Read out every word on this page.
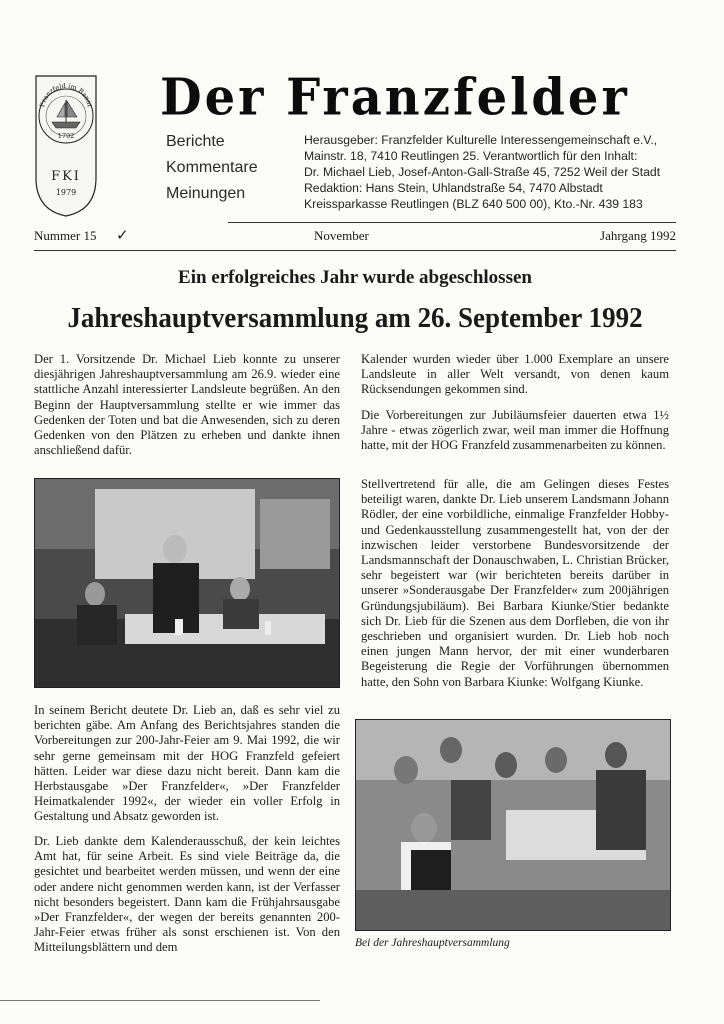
Franzfeld im Banat
1792
FKI
1979
Der Franzfelder
Berichte
Kommentare
Meinungen
Herausgeber: Franzfelder Kulturelle Interessengemeinschaft e.V.,
Mainstr. 18, 7410 Reutlingen 25. Verantwortlich für den Inhalt:
Dr. Michael Lieb, Josef-Anton-Gall-Straße 45, 7252 Weil der Stadt
Redaktion: Hans Stein, Uhlandstraße 54, 7470 Albstadt
Kreissparkasse Reutlingen (BLZ 640 500 00), Kto.-Nr. 439 183
Nummer 15 ✓	November	Jahrgang 1992
Ein erfolgreiches Jahr wurde abgeschlossen
Jahreshauptversammlung am 26. September 1992
Der 1. Vorsitzende Dr. Michael Lieb konnte zu unserer diesjährigen Jahreshauptversammlung am 26.9. wieder eine stattliche Anzahl interessierter Landsleute begrüßen. An den Beginn der Hauptversammlung stellte er wie immer das Gedenken der Toten und bat die Anwesenden, sich zu deren Gedenken von den Plätzen zu erheben und dankte ihnen anschließend dafür.
In seinem Bericht deutete Dr. Lieb an, daß es sehr viel zu berichten gäbe. Am Anfang des Berichtsjahres standen die Vorbereitungen zur 200-Jahr-Feier am 9. Mai 1992, die wir sehr gerne gemeinsam mit der HOG Franzfeld gefeiert hätten. Leider war diese dazu nicht bereit. Dann kam die Herbstausgabe »Der Franzfelder«, »Der Franzfelder Heimatkalender 1992«, der wieder ein voller Erfolg in Gestaltung und Absatz geworden ist.
Dr. Lieb dankte dem Kalenderausschuß, der kein leichtes Amt hat, für seine Arbeit. Es sind viele Beiträge da, die gesichtet und bearbeitet werden müssen, und wenn der eine oder andere nicht genommen werden kann, ist der Verfasser nicht besonders begeistert. Dann kam die Frühjahrsausgabe »Der Franzfelder«, der wegen der bereits genannten 200-Jahr-Feier etwas früher als sonst erschienen ist. Von den Mitteilungsblättern und dem
Kalender wurden wieder über 1.000 Exemplare an unsere Landsleute in aller Welt versandt, von denen kaum Rücksendungen gekommen sind.
Die Vorbereitungen zur Jubiläumsfeier dauerten etwa 1½ Jahre - etwas zögerlich zwar, weil man immer die Hoffnung hatte, mit der HOG Franzfeld zusammenarbeiten zu können.
Stellvertretend für alle, die am Gelingen dieses Festes beteiligt waren, dankte Dr. Lieb unserem Landsmann Johann Rödler, der eine vorbildliche, einmalige Franzfelder Hobby- und Gedenkausstellung zusammengestellt hat, von der der inzwischen leider verstorbene Bundesvorsitzende der Landsmannschaft der Donauschwaben, L. Christian Brücker, sehr begeistert war (wir berichteten bereits darüber in unserer »Sonderausgabe Der Franzfelder« zum 200jährigen Gründungsjubiläum). Bei Barbara Kiunke/Stier bedankte sich Dr. Lieb für die Szenen aus dem Dorfleben, die von ihr geschrieben und organisiert wurden. Dr. Lieb hob noch einen jungen Mann hervor, der mit einer wunderbaren Begeisterung die Regie der Vorführungen übernommen hatte, den Sohn von Barbara Kiunke: Wolfgang Kiunke.
Bei der Jahreshauptversammlung
